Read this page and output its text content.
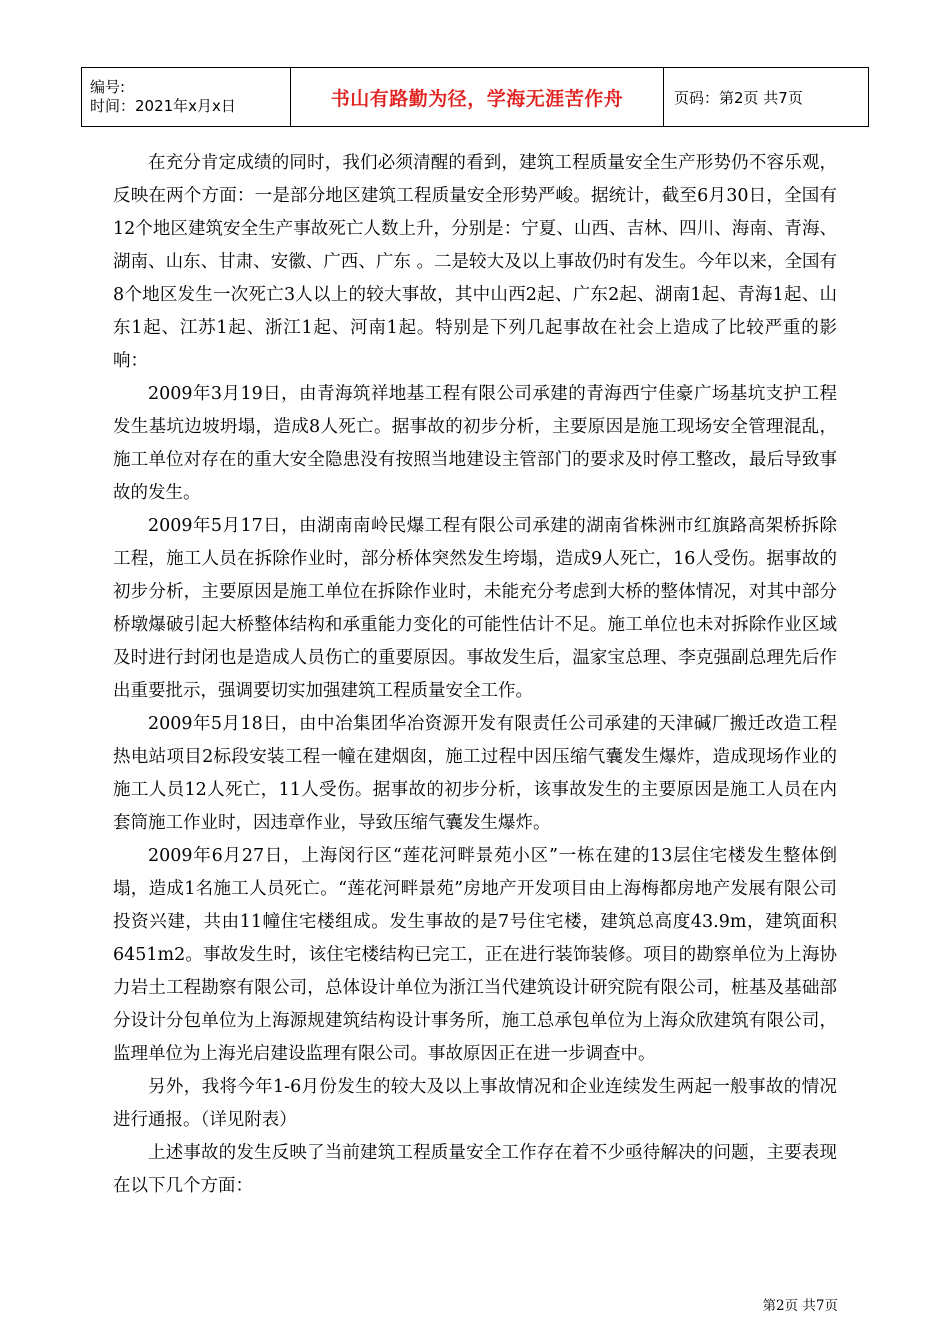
编号:
时间：2021年x月x日	书山有路勤为径，学海无涯苦作舟	页码：第2页 共7页

在充分肯定成绩的同时，我们必须清醒的看到，建筑工程质量安全生产形势仍不容乐观，反映在两个方面：一是部分地区建筑工程质量安全形势严峻。据统计，截至6月30日，全国有12个地区建筑安全生产事故死亡人数上升，分别是：宁夏、山西、吉林、四川、海南、青海、湖南、山东、甘肃、安徽、广西、广东 。二是较大及以上事故仍时有发生。今年以来，全国有8个地区发生一次死亡3人以上的较大事故，其中山西2起、广东2起、湖南1起、青海1起、山东1起、江苏1起、浙江1起、河南1起。特别是下列几起事故在社会上造成了比较严重的影响：

2009年3月19日，由青海筑祥地基工程有限公司承建的青海西宁佳豪广场基坑支护工程发生基坑边坡坍塌，造成8人死亡。据事故的初步分析，主要原因是施工现场安全管理混乱，施工单位对存在的重大安全隐患没有按照当地建设主管部门的要求及时停工整改，最后导致事故的发生。

2009年5月17日，由湖南南岭民爆工程有限公司承建的湖南省株洲市红旗路高架桥拆除工程，施工人员在拆除作业时，部分桥体突然发生垮塌，造成9人死亡，16人受伤。据事故的初步分析，主要原因是施工单位在拆除作业时，未能充分考虑到大桥的整体情况，对其中部分桥墩爆破引起大桥整体结构和承重能力变化的可能性估计不足。施工单位也未对拆除作业区域及时进行封闭也是造成人员伤亡的重要原因。事故发生后，温家宝总理、李克强副总理先后作出重要批示，强调要切实加强建筑工程质量安全工作。

2009年5月18日，由中冶集团华冶资源开发有限责任公司承建的天津碱厂搬迁改造工程热电站项目2标段安装工程一幢在建烟囱，施工过程中因压缩气囊发生爆炸，造成现场作业的施工人员12人死亡，11人受伤。据事故的初步分析，该事故发生的主要原因是施工人员在内套筒施工作业时，因违章作业，导致压缩气囊发生爆炸。

2009年6月27日，上海闵行区“莲花河畔景苑小区”一栋在建的13层住宅楼发生整体倒塌，造成1名施工人员死亡。“莲花河畔景苑”房地产开发项目由上海梅都房地产发展有限公司投资兴建，共由11幢住宅楼组成。发生事故的是7号住宅楼，建筑总高度43.9m，建筑面积6451m2。事故发生时，该住宅楼结构已完工，正在进行装饰装修。项目的勘察单位为上海协力岩土工程勘察有限公司，总体设计单位为浙江当代建筑设计研究院有限公司，桩基及基础部分设计分包单位为上海源规建筑结构设计事务所，施工总承包单位为上海众欣建筑有限公司，监理单位为上海光启建设监理有限公司。事故原因正在进一步调查中。

另外，我将今年1-6月份发生的较大及以上事故情况和企业连续发生两起一般事故的情况进行通报。（详见附表）

上述事故的发生反映了当前建筑工程质量安全工作存在着不少亟待解决的问题，主要表现在以下几个方面：

第2页 共7页
